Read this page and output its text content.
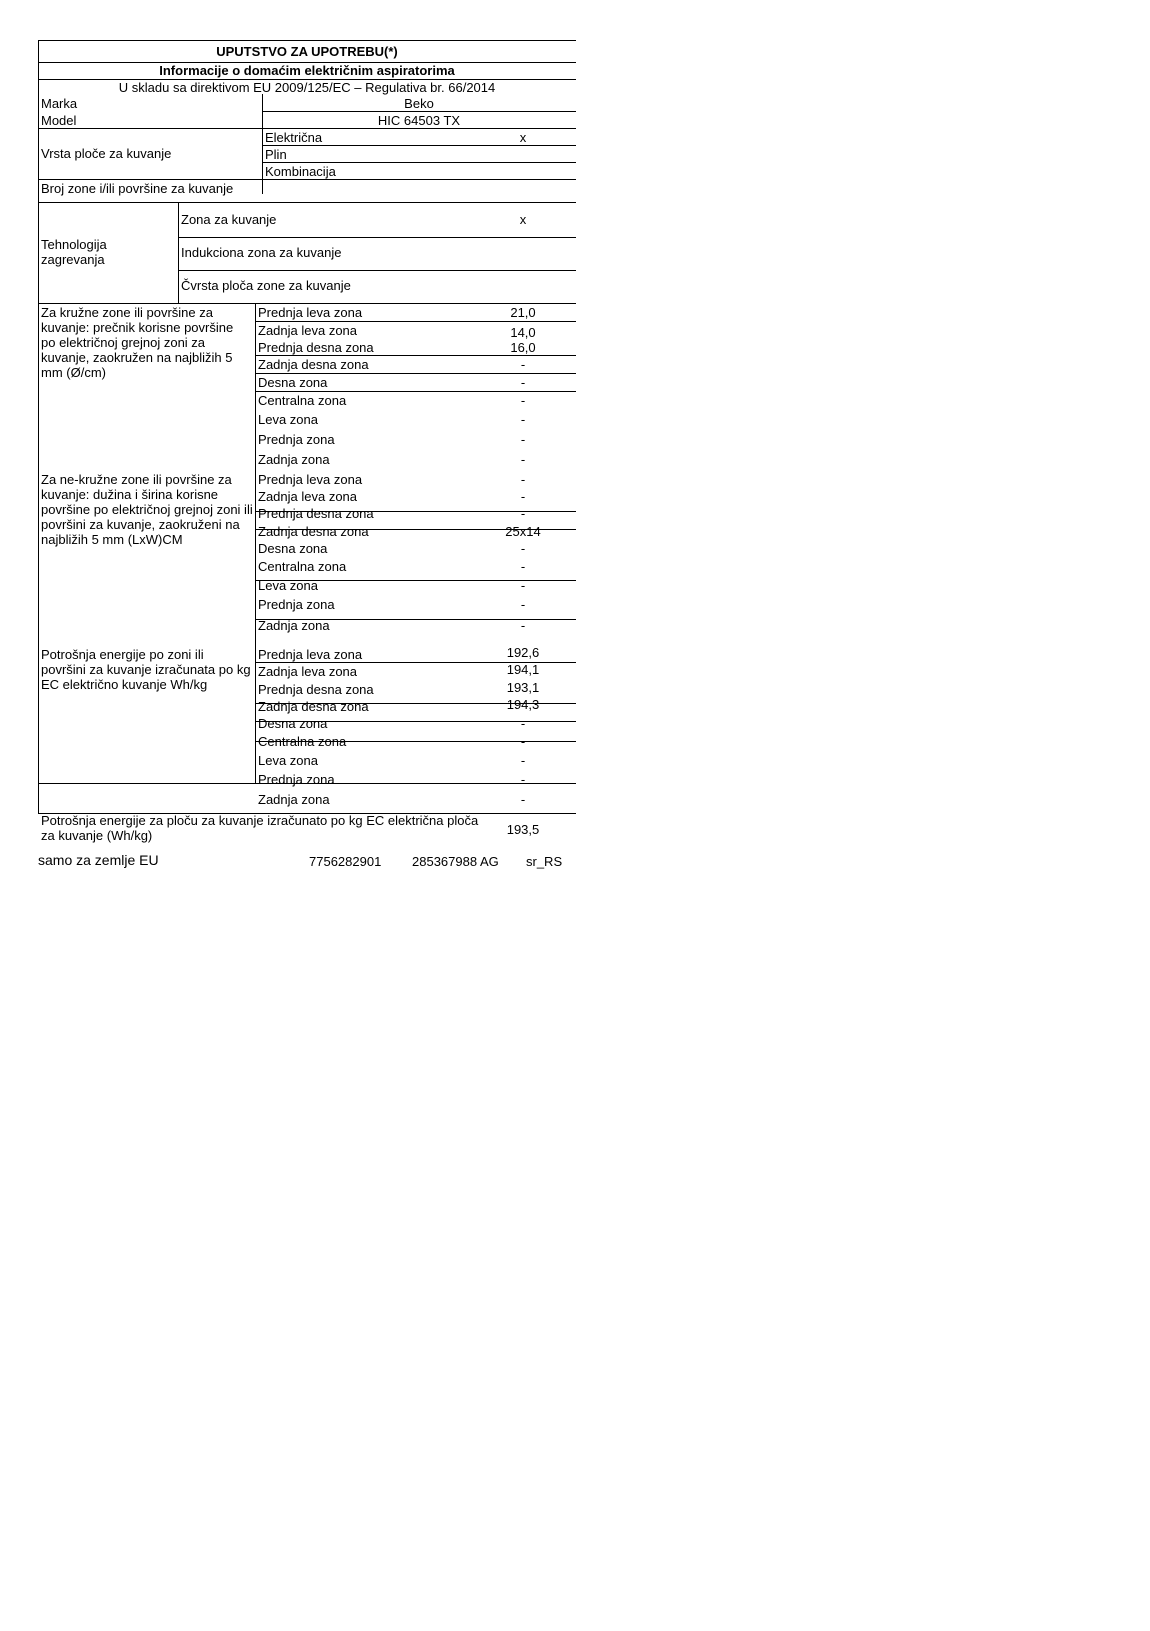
UPUTSTVO ZA UPOTREBU(*)
Informacije o domaćim električnim aspiratorima
U skladu sa direktivom EU 2009/125/EC – Regulativa br. 66/2014
Marka	Beko
Model	HIC 64503 TX
Vrsta ploče za kuvanje
Električna	x
Plin
Kombinacija
Broj zone i/ili površine za kuvanje
Tehnologija zagrevanja
Zona za kuvanje	x
Indukciona zona za kuvanje
Čvrsta ploča zone za kuvanje
Za kružne zone ili površine za kuvanje: prečnik korisne površine po električnoj grejnoj zoni za kuvanje, zaokružen na najbližih 5 mm (Ø/cm)
Prednja leva zona	21,0
Zadnja leva zona	14,0
Prednja desna zona	16,0
Zadnja desna zona	-
Desna zona	-
Centralna zona	-
Leva zona	-
Prednja zona	-
Zadnja zona	-
Za ne-kružne zone ili površine za kuvanje: dužina i širina korisne površine po električnoj grejnoj zoni ili površini za kuvanje, zaokruženi na najbližih 5 mm (LxW)CM
Prednja leva zona	-
Zadnja leva zona	-
Prednja desna zona	-
Zadnja desna zona	25x14
Desna zona	-
Centralna zona	-
Leva zona	-
Prednja zona	-
Zadnja zona	-
Potrošnja energije po zoni ili površini za kuvanje izračunata po kg EC električno kuvanje Wh/kg
Prednja leva zona	192,6
Zadnja leva zona	194,1
Prednja desna zona	193,1
Zadnja desna zona	194,3
Desna zona	-
Centralna zona	-
Leva zona	-
Prednja zona	-
Zadnja zona	-
Potrošnja energije za ploču za kuvanje izračunato po kg EC električna ploča za kuvanje (Wh/kg)	193,5
samo za zemlje EU	7756282901 285367988 AG sr_RS
